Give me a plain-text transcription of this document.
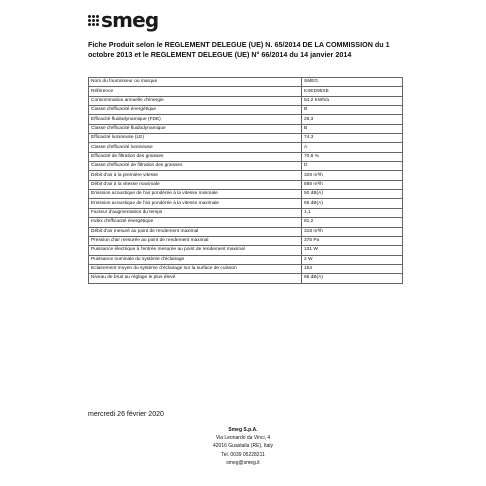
smeg
Fiche Produit selon le REGLEMENT DELEGUE (UE) N. 65/2014 DE LA COMMISSION du 1 octobre 2013 et le REGLEMENT DELEGUE (UE) N° 66/2014 du 14 janvier 2014
Nom du fournisseur ou marque	SMEG
Référence	KSED95XE
Consommation annuelle d'énergie	54,2 KWh/a
Classe d'efficacité énergétique	B
Efficacité fluidodynamique (FDE)	25,3
Classe d'efficacité fluidodynamique	B
Efficacité lumineuse (LE)	74,3
Classe d'efficacité lumineuse	A
Efficacité de filtration des graisses	70,8 %
Classe d'efficacité de filtration des graisses	D
Débit d'air à la première vitesse	328 m³/h
Débit d'air à la vitesse maximale	588 m³/h
Emission acoustique de l'air pondérée à la vitesse minimale	50 dB(A)
Emission acoustique de l'air pondérée à la vitesse maximale	65 dB(A)
Facteur d'augmentation du temps	1,1
Index d'efficacité énergétique	81,2
Débit d'air mesuré au point de rendement maximal	318 m³/h
Pression d'air mesurée au point de rendement maximal	375 Pa
Puissance électrique à l'entrée mesurée au point de rendement maximal	131 W
Puissance nominale du système d'éclairage	2 W
Eclairement moyen du système d'éclairage sur la surface de cuisson	164
Niveau de bruit au réglage le plus élevé	65 dB(A)
mercredi 26 février 2020
Smeg S.p.A.
Via Leonardo da Vinci, 4
42016 Guastalla (RE), Italy
Tel. 0039 05228211
smeg@smeg.it
